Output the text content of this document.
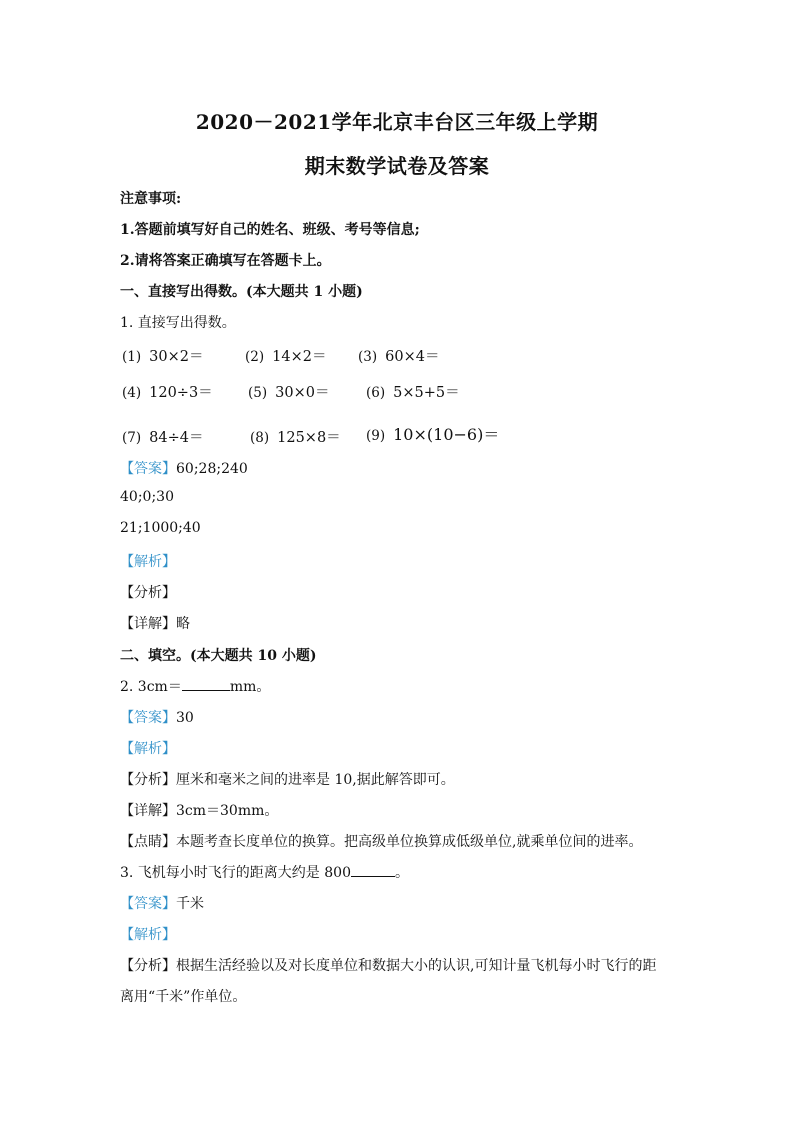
2020－2021学年北京丰台区三年级上学期
期末数学试卷及答案
注意事项:
1.答题前填写好自己的姓名、班级、考号等信息;
2.请将答案正确填写在答题卡上。
一、直接写出得数。(本大题共 1 小题)
1. 直接写出得数。
(1) 30×2＝	(2) 14×2＝ (3) 60×4＝
(4) 120÷3＝	(5) 30×0＝	(6) 5×5+5＝
(7) 84÷4＝	(8) 125×8＝ (9) 10×(10−6)＝
【答案】60;28;240
40;0;30
21;1000;40
【解析】
【分析】
【详解】略
二、填空。(本大题共 10 小题)
2. 3cm＝	mm。
【答案】30
【解析】
【分析】厘米和毫米之间的进率是 10,据此解答即可。
【详解】3cm＝30mm。
【点睛】本题考查长度单位的换算。把高级单位换算成低级单位,就乘单位间的进率。
3. 飞机每小时飞行的距离大约是 800	。
【答案】千米
【解析】
【分析】根据生活经验以及对长度单位和数据大小的认识,可知计量飞机每小时飞行的距
离用“千米”作单位。
